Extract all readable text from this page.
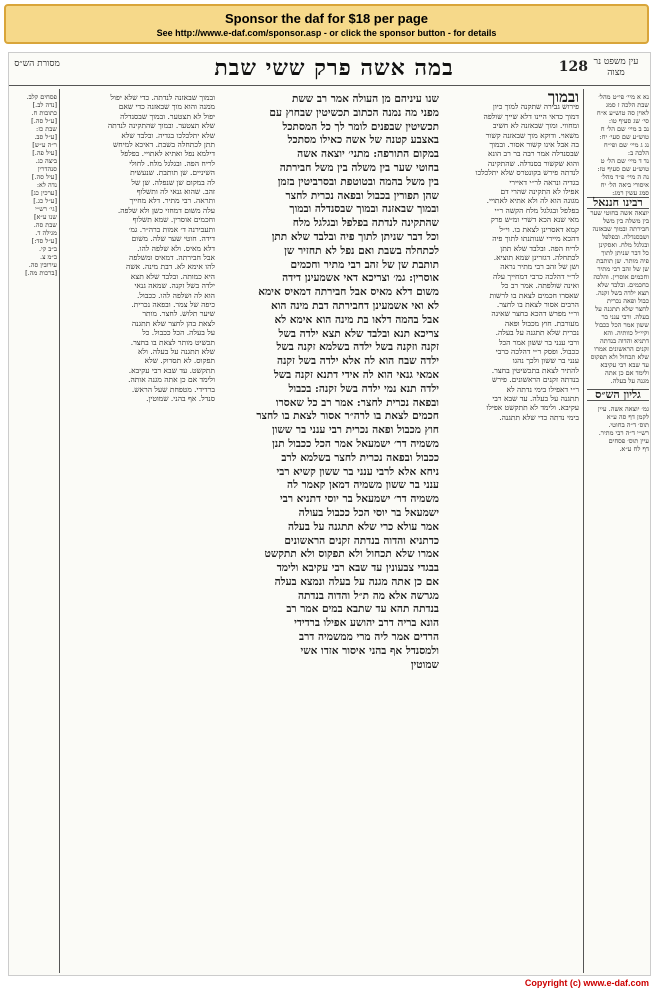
Sponsor the daf for $18 per page
See http://www.e-daf.com/sponsor.asp - or click the sponsor button - for details
מסורת הש״ס	במה אשה פרק ששי שבת	128 עין משפט נר מצוה
פסחים קלב.
[נדה לב.]
כתובות ח.
[ע״ל סה.]
שבת כז:
[ע״ל סב.
ר״ה ע״ש]
[עיל פה.]
ביצה כג.
סנהדרין
[עיל סה.]
נדה לא:
[ערכין כג]
[ע״ל כג.]
[גי׳ רש״י
שנו ע״א]
שבת סה.
מגילה ד.
[ע״ל סד:]
ב״ב קי.
ב״מ צ.
עירובין סה.
[ברכות מה.]
ובמוך שבאזנה לנדתה. כדי שלא יפול
ממנה והוא מוך שבאזנה כדי שאם
יפול לא תצטער. ובמוך שבסנדלה
שלא תצטער. ובמוך שהתקינה לנדתה
שלא יתלכלכו בגדיה. ובלבד שלא
תתן לכתחלה בשבת. דאיכא למיחש
דילמא נפל ואתיא לאתויי. בפלפל
לריח הפה. ובגלגל מלח. לחולי
השיניים. שן תותבת. שנעשית
לה במקום שן שנפלה. שן של
זהב. שהוא גנאי לה ותשלוף
ותראה. רבי מתיר. דלא מחייך
עלה משום דמחזי כשן ולא שלפה.
וחכמים אוסרין. שמא תשלוף
ותעבירנה ד׳ אמות ברה״ר. גמ׳
דידה. חוטי שער שלה. משום
דלא מאיס. ולא שלפה להו.
אבל חבירתה. דמאיס ומשלפה
להו אימא לא. דבת מינה. אשה
היא כמותה. ובלבד שלא תצא
ילדה בשל זקנה. שמאה גנאי
הוא לה ושלפה להו. ככבול.
כיפה של צמר. ובפאה נכרית.
שיער תלוש. לחצר. מותר
לצאת בהן לחצר שלא תתגנה
על בעלה. הכל ככבול. כל
תכשיט מותר לצאת בו בחצר.
שלא תתגנה על בעלה. ולא
תפקוס. לא תסרוק. שלא
תתקשט. עד שבא רבי עקיבא.
ולימד אם כן אתה מגנה אותה.
ברדידי. מטפחת שעל הראש.
סנדל. אף בהני. שמוטין.
שנו עיניהם מן העולה אמר רב ששת
מפני מה נמנה הכתוב תכשיטין שבחוץ עם
תכשיטין שבפנים לומר לך כל המסתכל
באצבע קטנה של אשה כאילו מסתכל
במקום התורפה: מתני׳ יוצאה אשה
בחוטי שער בין משלה בין משל חבירתה
בין משל בהמה ובטוטפת ובסרביטין בזמן
שהן תפורין בכבול ובפאה נכרית לחצר
ובמוך שבאזנה ובמוך שבסנדלה ובמוך
שהתקינה לנדתה בפלפל ובגלגל מלח
וכל דבר שניתן לתוך פיה ובלבד שלא תתן
לכתחלה בשבת ואם נפל לא תחזיר שן
תותבת שן של זהב רבי מתיר וחכמים
אוסרין: גמ׳ וצריכא דאי אשמעינן דידה
משום דלא מאיס אבל חבירתה דמאיס אימא
לא ואי אשמעינן דחבירתה דבת מינה הוא
אבל בהמה דלאו בת מינה הוא אימא לא
צריכא תנא ובלבד שלא תצא ילדה בשל
זקנה וזקנה בשל ילדה בשלמא זקנה בשל
ילדה שבח הוא לה אלא ילדה בשל זקנה
אמאי גנאי הוא לה אידי דתנא זקנה בשל
ילדה תנא נמי ילדה בשל זקנה: בכבול
ובפאה נכרית לחצר: אמר רב כל שאסרו
חכמים לצאת בו לרה״ר אסור לצאת בו לחצר
חוץ מכבול ופאה נכרית רבי ענני בר ששון
משמיה דר׳ ישמעאל אמר הכל ככבול תנן
ככבול ובפאה נכרית לחצר בשלמא לרב
ניחא אלא לרבי ענני בר ששון קשיא רבי
ענני בר ששון משמיה דמאן קאמר לה
משמיה דר׳ ישמעאל בר יוסי דתניא רבי
ישמעאל בר יוסי הכל ככבול בעולה
אמר עולא כרי שלא תתגנה על בעלה
כדתניא והדוה בנדתה זקנים הראשונים
אמרו שלא תכחול ולא תפקוס ולא תתקשט
בבגדי צבעונין עד שבא רבי עקיבא ולימד
אם כן אתה מגנה על בעלה ונמצא בעלה
מגרשה אלא מה ת״ל והדוה בנדתה
בנדתה תהא עד שתבא במים אמר רב
הונא בריה דרב יהושע אפילו ברדידי
הרדים אמר ליה מרי ממשמיה דרב
ולמסנדל אף בהני איסור אזדו אשי
שמוטין
ובמוך
פירוש גבירה שתקנה למוך כיון
דמוך כדאי היינו דלא שייך שולפה
ומחווי. ומוך שבאזנה לא חשיב
משאוי. ודוקא מוך שבאזנה קשור
בה אבל אינו קשור אסור. ובמוך
שבסנדלה אמר רבה בר רב הונא
והוא שקשור בסנדלה. שהתקינה
לנדתה פירש בקונטרס שלא יתלכלכו
בגדיה ונראה לר״י דאיירי
אפילו לא התקינה שהרי דם
מגונה הוא לה ולא אתיא לאתויי.
בפלפל ובגלגל מלח הקשה ר״י
מאי שנא הכא דשרי ומ״ש פרק
קמא דאסרינן לצאת בו. וי״ל
דהכא מיירי שנותנתו לתוך פיה
לריח הפה. ובלבד שלא תתן
לכתחלה. דגזרינן שמא תוציא.
ושן של זהב רבי מתיר נראה
לר״י דהלכה כרבי דמחייך עלה
ואינה שולפתה. אמר רב כל
שאסרו חכמים לצאת בו לרשות
הרבים אסור לצאת בו לחצר.
ור״י מפרש דהכא בחצר שאינה
מעורבת. חוץ מכבול ופאה
נכרית שלא תתגנה על בעלה.
ורבי ענני בר ששון אמר הכל
ככבול. ופסק ר״י דהלכה כרבי
ענני בר ששון ולכך נהגו
להתיר לצאת בתכשיטין בחצר.
בנדתה זקנים הראשונים. פירש
ר״י דאפילו בימי נדתה לא
תתגנה על בעלה. עד שבא רבי
עקיבא. ולימד לא תתקשט אפילו
בימי נדתה כדי שלא תתגנה.
נא א מיי׳ פי״ט מהל׳
שבת הלכה ז סמג
לאוין סה טוש״ע א״ח
סי׳ שג סעיף טו:
נב ב מיי׳ שם הל׳ ח
טוש״ע שם סעי׳ יח:
נג ג מיי׳ שם ופי״ח
הלכה ב:
נד ד מיי׳ שם הל׳ ט
טוש״ע שם סעיף טז:
נה ה מיי׳ פ״ד מהל׳
איסורי ביאה הל׳ יח
סמג עשין רמג:
רבינו חננאל
יוצאה אשה בחוטי שער
בין משלה בין משל
חבירתה ובמוך שבאזנה
ושבסנדלה. ובפלפל
ובגלגל מלח. ואסקינן
כל דבר שניתן לתוך
פיה מותר. שן תותבת
שן של זהב רבי מתיר
וחכמים אוסרין. והלכה
כחכמים. ובלבד שלא
תצא ילדה בשל זקנה.
כבול ופאה נכרית
לחצר שלא תתגנה על
בעלה. ורבי ענני בר
ששון אמר הכל ככבול
וקיי״ל כוותיה. והא
דתניא והדוה בנדתה
זקנים הראשונים אמרו
שלא תכחול ולא תפקוס
עד שבא רבי עקיבא
ולימד אם כן אתה
מגנה על בעלה.
גליון הש״ס
גמ׳ יוצאה אשה. עיין
לקמן דף סה ע״א
תוס׳ ד״ה בחוטי.
רש״י ד״ה רבי מתיר.
עיין תוס׳ פסחים
דף לח ע״א.
Copyright (c) www.e-daf.com
